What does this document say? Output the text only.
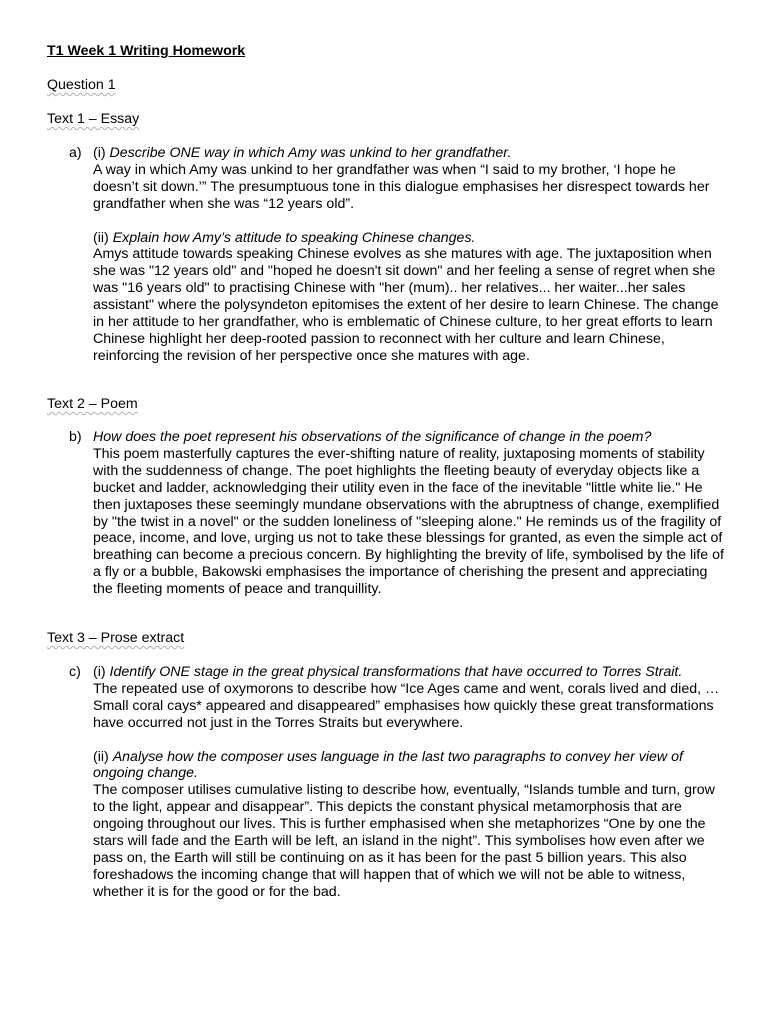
T1 Week 1 Writing Homework

Question 1

Text 1 – Essay

a) (i) Describe ONE way in which Amy was unkind to her grandfather.

A way in which Amy was unkind to her grandfather was when “I said to my brother, ‘I hope he doesn’t sit down.’” The presumptuous tone in this dialogue emphasises her disrespect towards her grandfather when she was “12 years old”.

(ii) Explain how Amy’s attitude to speaking Chinese changes.

Amys attitude towards speaking Chinese evolves as she matures with age. The juxtaposition when she was "12 years old" and "hoped he doesn't sit down" and her feeling a sense of regret when she was "16 years old" to practising Chinese with "her (mum).. her relatives... her waiter...her sales assistant" where the polysyndeton epitomises the extent of her desire to learn Chinese. The change in her attitude to her grandfather, who is emblematic of Chinese culture, to her great efforts to learn Chinese highlight her deep-rooted passion to reconnect with her culture and learn Chinese, reinforcing the revision of her perspective once she matures with age.

Text 2 – Poem

b) How does the poet represent his observations of the significance of change in the poem?

This poem masterfully captures the ever-shifting nature of reality, juxtaposing moments of stability with the suddenness of change. The poet highlights the fleeting beauty of everyday objects like a bucket and ladder, acknowledging their utility even in the face of the inevitable "little white lie." He then juxtaposes these seemingly mundane observations with the abruptness of change, exemplified by "the twist in a novel" or the sudden loneliness of "sleeping alone." He reminds us of the fragility of peace, income, and love, urging us not to take these blessings for granted, as even the simple act of breathing can become a precious concern. By highlighting the brevity of life, symbolised by the life of a fly or a bubble, Bakowski emphasises the importance of cherishing the present and appreciating the fleeting moments of peace and tranquillity.

Text 3 – Prose extract

c) (i) Identify ONE stage in the great physical transformations that have occurred to Torres Strait.

The repeated use of oxymorons to describe how “Ice Ages came and went, corals lived and died, … Small coral cays* appeared and disappeared” emphasises how quickly these great transformations have occurred not just in the Torres Straits but everywhere.

(ii) Analyse how the composer uses language in the last two paragraphs to convey her view of ongoing change.

The composer utilises cumulative listing to describe how, eventually, “Islands tumble and turn, grow to the light, appear and disappear”. This depicts the constant physical metamorphosis that are ongoing throughout our lives. This is further emphasised when she metaphorizes “One by one the stars will fade and the Earth will be left, an island in the night”. This symbolises how even after we pass on, the Earth will still be continuing on as it has been for the past 5 billion years. This also foreshadows the incoming change that will happen that of which we will not be able to witness, whether it is for the good or for the bad.
